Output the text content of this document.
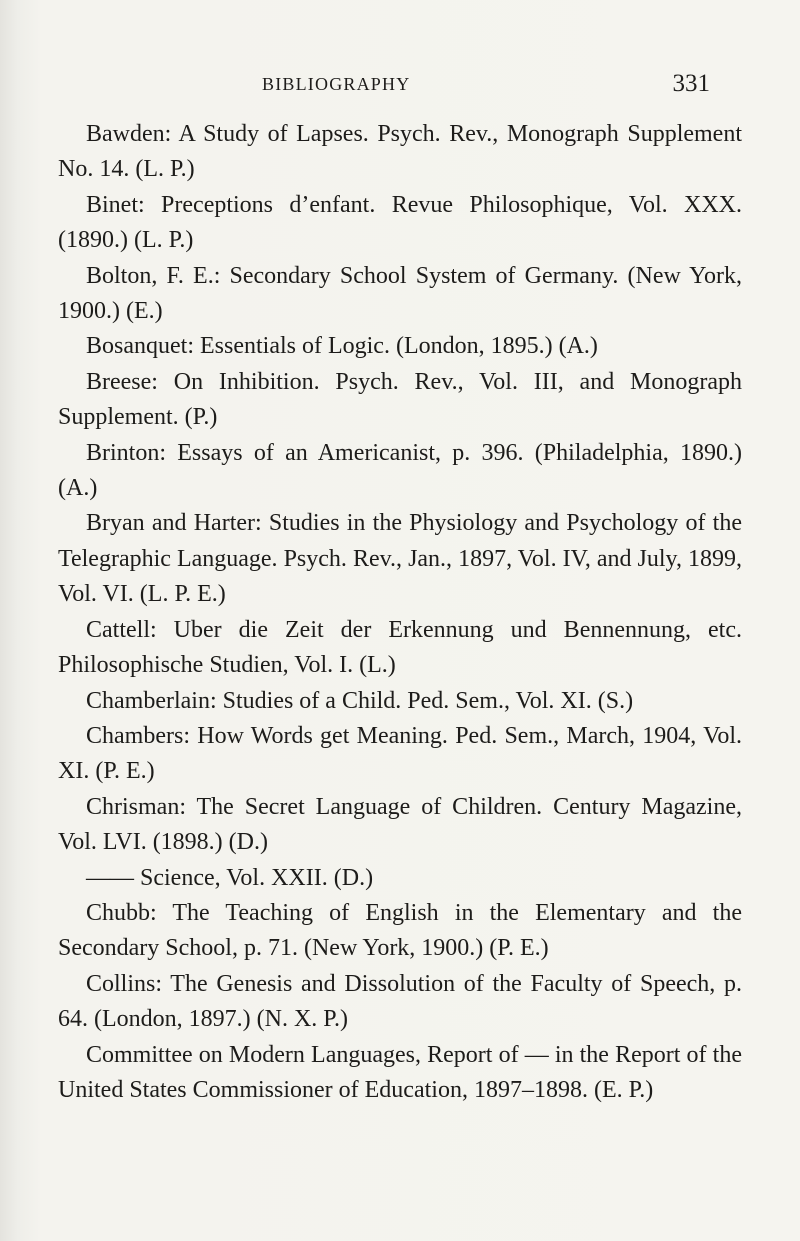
BIBLIOGRAPHY	331

Bawden: A Study of Lapses. Psych. Rev., Monograph Supplement No. 14. (L. P.)

Binet: Preceptions d’enfant. Revue Philosophique, Vol. XXX. (1890.) (L. P.)

Bolton, F. E.: Secondary School System of Germany. (New York, 1900.) (E.)

Bosanquet: Essentials of Logic. (London, 1895.) (A.)

Breese: On Inhibition. Psych. Rev., Vol. III, and Monograph Supplement. (P.)

Brinton: Essays of an Americanist, p. 396. (Philadelphia, 1890.) (A.)

Bryan and Harter: Studies in the Physiology and Psychology of the Telegraphic Language. Psych. Rev., Jan., 1897, Vol. IV, and July, 1899, Vol. VI. (L. P. E.)

Cattell: Uber die Zeit der Erkennung und Bennennung, etc. Philosophische Studien, Vol. I. (L.)

Chamberlain: Studies of a Child. Ped. Sem., Vol. XI. (S.)

Chambers: How Words get Meaning. Ped. Sem., March, 1904, Vol. XI. (P. E.)

Chrisman: The Secret Language of Children. Century Magazine, Vol. LVI. (1898.) (D.)

—— Science, Vol. XXII. (D.)

Chubb: The Teaching of English in the Elementary and the Secondary School, p. 71. (New York, 1900.) (P. E.)

Collins: The Genesis and Dissolution of the Faculty of Speech, p. 64. (London, 1897.) (N. X. P.)

Committee on Modern Languages, Report of — in the Report of the United States Commissioner of Education, 1897–1898. (E. P.)
